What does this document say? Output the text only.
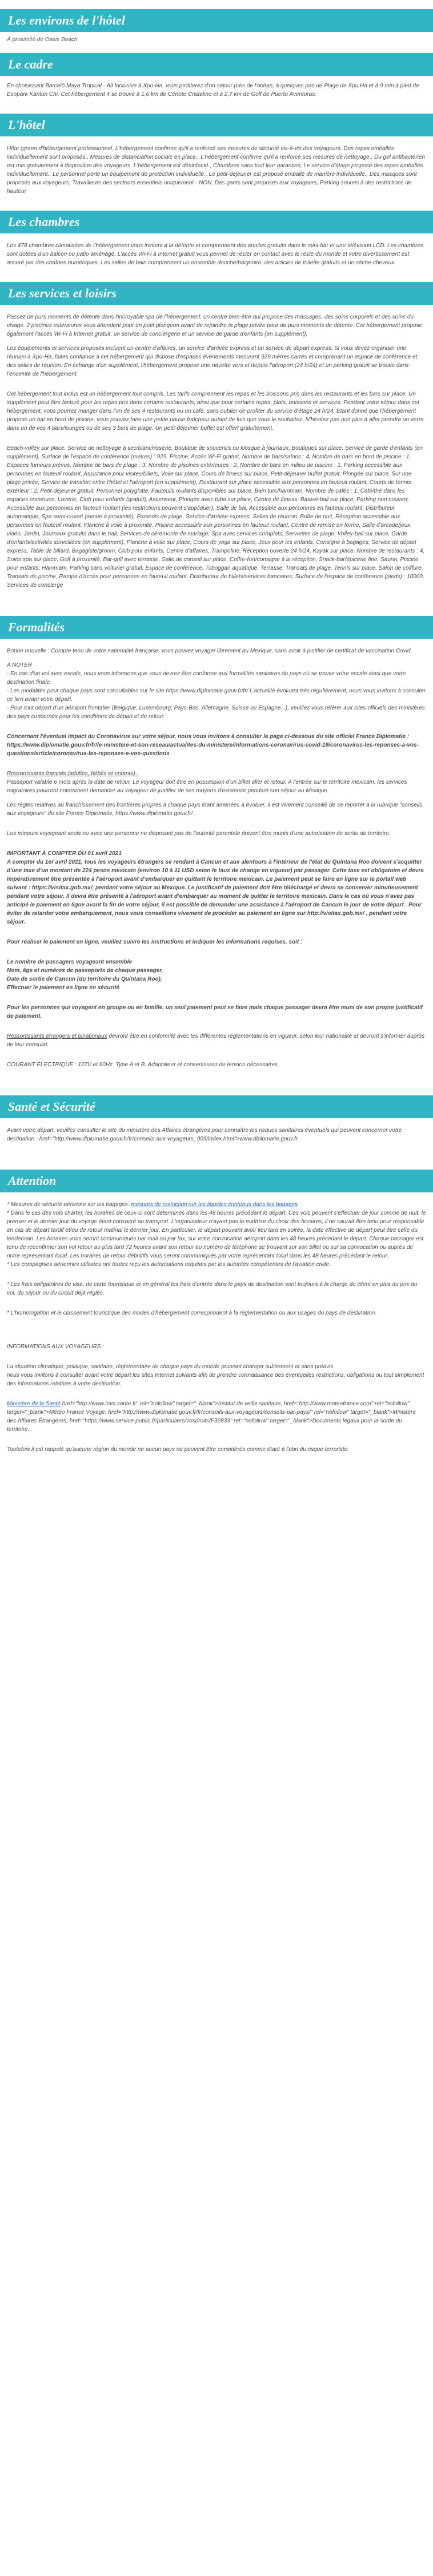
Les environs de l'hôtel
À proximité de Oasis Beach
Le cadre

En choisissant Barceló Maya Tropical - All Inclusive à Xpu-Ha, vous profiterez d'un séjour près de l'océan, à quelques pas de Plage de Xpu Ha et à 9 min à pied de Ecopark Kantun Chi. Cet hébergement 4 se trouve à 1,6 km de Cénote Cristalino et à 2,7 km de Golf de Puerto Aventuras.

L'hôtel

Hôte (green d'hébergement professionnel, L'hébergement confirme qu'il a renforcé ses mesures de sécurité vis-à-vis des voyageurs. Des repas emballés individuellement sont proposés., Mesures de distanciation sociale en place., L'hébergement confirme qu'il a renforcé ses mesures de nettoyage., Du gel antibactérien est mis gratuitement à disposition des voyageurs. L'hébergement est désinfecté., Chambres sans tout leur garanties, Le service d'étage propose des repas emballés individuellement., Le personnel porte un équipement de protection individuelle., Le petit-déjeuner est proposé emballé de manière individuelle., Des masques sont proposés aux voyageurs, Travailleurs des secteurs essentiels uniquement - NON, Des gants sont proposés aux voyageurs, Parking soumis à des restrictions de hauteur

Les chambres

Les 478 chambres climatisées de l'hébergement vous invitent à la détente et comprennent des articles gratuits dans le mini-bar et une télévision LCD. Les chambres sont dotées d'un balcon ou patio aménagé. L'accès Wi-Fi à Internet gratuit vous permet de rester en contact avec le reste du monde et votre divertissement est assuré par des chaînes numériques. Les salles de bain comprennent un ensemble douche/baignoire, des articles de toilette gratuits et un sèche-cheveux.

Les services et loisirs

Passez de purs moments de détente dans l'incroyable spa de l'hébergement, un centre bien-être qui propose des massages, des soins corporels et des soins du visage. 2 piscines extérieures vous attendent pour un petit plongeon avant de rejoindre la plage privée pour de purs moments de détente. Cet hébergement propose également l'accès Wi-Fi à Internet gratuit, un service de conciergerie et un service de garde d'enfants (en supplément).

Les équipements et services proposés incluent un centre d'affaires, un service d'arrivée express et un service de départ express. Si vous devez organiser une réunion à Xpu-Ha, faites confiance à cet hébergement qui dispose d'espaces événements mesurant 929 mètres carrés et comprenant un espace de conférence et des salles de réunion. En échange d'un supplément, l'hébergement propose une navette vers et depuis l'aéroport (24 h/24) et un parking gratuit se trouve dans l'enceinte de l'hébergement.

Cet hébergement tout inclus est un hébergement tout compris. Les tarifs comprennent les repas et les boissons pris dans les restaurants et les bars sur place. Un supplément peut être facturé pour les repas pris dans certains restaurants, ainsi que pour certains repas, plats, boissons et services. Pendant votre séjour dans cet hébergement, vous pourrez manger dans l'un de ses 4 restaurants ou un café, sans oublier de profiter du service d'étage 24 h/24. Étant donné que l'hébergement propose un bar en bord de piscine, vous pouvez faire une petite pause fraîcheur autant de fois que vous le souhaitez. N'hésitez pas non plus à aller prendre un verre dans un de vos 4 bars/lounges ou de ses 3 bars de plage. Un petit-déjeuner buffet est offert gratuitement.

Beach-volley sur place, Service de nettoyage à sec/blanchisserie, Boutique de souvenirs ou kiosque à journaux, Boutiques sur place, Service de garde d'enfants (en supplément), Surface de l'espace de conférence (mètres) : 929, Piscine, Accès Wi-Fi gratuit, Nombre de bars/salons : 4, Nombre de bars en bord de piscine : 1, Espaces fumeurs prévus, Nombre de bars de plage : 3, Nombre de piscines extérieures : 2, Nombre de bars en milieu de piscine : 1, Parking accessible aux personnes en fauteuil roulant, Assistance pour visites/billets, Voile sur place, Cours de fitness sur place, Petit-déjeuner buffet gratuit, Plongée sur place, Sur une plage privée, Service de transfert entre l'hôtel et l'aéroport (en supplément), Restaurant sur place accessible aux personnes en fauteuil roulant, Courts de tennis extérieur : 2, Petit-déjeuner gratuit, Personnel polyglotte, Fauteuils roulants disponibles sur place, Bain turc/hammam, Nombre de cafés : 1, Café/thé dans les espaces communs, Laverie, Club pour enfants (gratuit), Ascenseur, Plongée avec tuba sur place, Centre de fitness, Basket-ball sur place, Parking non couvert, Accessible aux personnes en fauteuil roulant (les restrictions peuvent s'appliquer), Salle de bal, Accessible aux personnes en fauteuil roulant, Distributeur automatique, Spa semi-ouvert (avoué à proximité), Parasols de plage, Service d'arrivée express, Salles de réunion, Boîte de nuit, Réception accessible aux personnes en fauteuil roulant, Planche à voile à proximité, Piscine accessible aux personnes en fauteuil roulant, Centre de remise en forme, Salle d'arcade/jeux vidéo, Jardin, Journaux gratuits dans le hall, Services de cérémonie de mariage, Spa avec services complets, Serviettes de plage, Volley-ball sur place, Garde d'enfants/activités surveillées (en supplément), Planche à voile sur place, Cours de yoga sur place, Jeux pour les enfants, Consigne à bagages, Service de départ express, Table de billard, Bagagiste/groom, Club pour enfants, Centre d'affaires, Trampoline, Réception ouverte 24 h/24, Kayak sur place, Nombre de restaurants : 4, Soins spa sur place, Golf à proximité, Bar-grill avec terrasse, Salle de conseil sur place, Coffre-fort/consigne à la réception, Snack-bar/épicerie fine, Sauna, Piscine pour enfants, Hammam, Parking sans voiturier gratuit, Espace de conférence, Toboggan aquatique, Terrasse, Transats de plage, Tennis sur place, Salon de coiffure, Transats de piscine, Rampe d'accès pour personnes en fauteuil roulant, Distributeur de billets/services bancaires, Surface de l'espace de conférence (pieds) : 10000, Services de concierge

Formalités

Bonne nouvelle : Compte tenu de votre nationalité française, vous pouvez voyager librement au Mexique, sans avoir à justifier de certificat de vaccination Covid.

A NOTER

- En cas d'un vol avec escale, nous vous informons que vous devrez être conforme aux formalités sanitaires du pays où se trouve votre escale ainsi que votre destination finale.
- Les modalités pour chaque pays sont consultables sur le site https://www.diplomatie.gouv.fr/fr/ L'actualité évoluant très régulièrement, nous vous invitons à consulter ce lien avant votre départ.
- Pour tout départ d'un aéroport frontalier (Belgique, Luxembourg, Pays-Bas, Allemagne, Suisse ou Espagne...), veuillez vous référer aux sites officiels des ministères des pays concernés pour les conditions de départ et de retour.

Concernant l'éventuel impact du Coronavirus sur votre séjour, nous vous invitons à consulter la page ci-dessous du site officiel France Diplomatie : https://www.diplomatie.gouv.fr/fr/le-ministere-et-son-reseau/actualites-du-ministere/informations-coronavirus-covid-19/coronavirus-les-reponses-a-vos-questions/article/coronavirus-les-reponses-a-vos-questions

Ressortissants français (adultes, bébés et enfants) :

Passeport valable 6 mois après la date de retour. Le voyageur doit être en possession d'un billet aller et retour. A l'entrée sur le territoire mexicain, les services migratoires pourront notamment demander au voyageur de justifier de ses moyens d'existence pendant son séjour au Mexique.

Les règles relatives au franchissement des frontières propres à chaque pays étant amenées à évoluer, il est vivement conseillé de se reporter à la rubrique "conseils aux voyageurs" du site France Diplomatie, https://www.diplomatie.gouv.fr/.

Les mineurs voyageant seuls ou avec une personne ne disposant pas de l'autorité parentale doivent être munis d'une autorisation de sortie de territoire.

IMPORTANT À COMPTER DU 01 avril 2021
A compter du 1er avril 2021, tous les voyageurs étrangers se rendant à Cancun et aux alentours à l'intérieur de l'état du Quintana Roo doivent s'acquitter d'une taxe d'un montant de 224 pesos mexicain (environ 10 à 11 USD selon le taux de change en vigueur) par passager. Cette taxe est obligatoire et devra impérativement être présentée à l'aéroport avant d'embarquer en quittant le territoire mexicain. Le paiement peut se faire en ligne sur le portail web suivant : https://visitax.gob.mx/, pendant votre séjour au Mexique. Le justificatif de paiement doit être téléchargé et devra se conserver minutieusement pendant votre séjour. Il devra être présenté à l'aéroport avant d'embarquer au moment de quitter le territoire mexicain. Dans le cas où vous n'avez pas anticipé le paiement en ligne avant la fin de votre séjour, il est possible de demander une assistance à l'aéroport de Cancun le jour de votre départ . Pour éviter de retarder votre embarquement, nous vous conseillons vivement de procéder au paiement en ligne sur http://visitax.gob.mx/ , pendant votre séjour.

Pour réaliser le paiement en ligne, veuillez suivre les instructions et indiquer les informations requises, soit :

Le nombre de passagers voyageant ensemble
Nom, âge et numéros de passeports de chaque passager,
Date de sortie de Cancun (du territoire du Quintana Roo),
Effectuer le paiement en ligne en sécurité

Pour les personnes qui voyagent en groupe ou en famille, un seul paiement peut se faire mais chaque passager devra être muni de son propre justificatif de paiement.

Ressortissants étrangers et binationaux devront être en conformité avec les différentes réglementations en vigueur, selon leur nationalité et devront s'informer auprès de leur consulat.

COURANT ÉLECTRIQUE : 127V et 60Hz. Type A et B. Adaptateur et convertisseur de tension nécessaires.

Santé et Sécurité

Avant votre départ, veuillez consulter le site du ministère des Affaires étrangères pour connaître les risques sanitaires éventuels qui peuvent concerner votre destination : href="http://www.diplomatie.gouv.fr/fr/conseils-aux-voyageurs_909/index.html">www.diplomatie.gouv.fr

Attention

* Mesures de sécurité aérienne sur les bagages: mesures de restriction sur les liquides contenus dans les bagages
* Dans le cas des vols charter, les horaires de ceux-ci sont déterminés dans les 48 heures précédant le départ. Ces vols peuvent s'effectuer de jour comme de nuit, le premier et le dernier jour du voyage étant consacré au transport. L'organisateur n'ayant pas la maîtrise du choix des horaires, il ne saurait être tenu pour responsable en cas de départ tardif et/ou de retour matinal le dernier jour. En particulier, le départ pouvant avoir lieu tard en soirée, la date effective de départ peut être celle du lendemain. Les horaires vous seront communiqués par mail ou par fax, sur votre convocation aéroport dans les 48 heures précédant le départ. Chaque passager est tenu de reconfirmer son vol retour au plus tard 72 heures avant son retour au numéro de téléphone se trouvant sur son billet ou sur sa convocation ou auprès de notre représentant local. Les horaires de retour définitifs vous seront communiqués par votre représentant local dans les 48 heures précédant le retour.
* Les compagnies aériennes utilisées ont toutes reçu les autorisations requises par les autorités compétentes de l'aviation civile.

* Les frais obligatoires de visa, de carte touristique et en général les frais d'entrée dans le pays de destination sont toujours à la charge du client en plus du prix du vol, du séjour ou du circuit déjà réglés.

* L'homologation et le classement touristique des modes d'hébergement correspondent à la réglementation ou aux usages du pays de destination.

INFORMATIONS AUX VOYAGEURS :

La situation climatique, politique, sanitaire, réglementaire de chaque pays du monde pouvant changer subitement et sans préavis
nous vous invitons à consulter avant votre départ les sites Internet suivants afin de prendre connaissance des éventuelles restrictions, obligations ou tout simplement des informations relatives à votre destination.

Ministère de la Santé href="http://www.invs.sante.fr" rel="nofollow" target="_blank">Institut de veille sanitaire, href="http://www.meteofrance.com" rel="nofollow" target="_blank">Météo France Voyage, href="http://www.diplomatie.gouv.fr/fr/conseils-aux-voyageurs/conseils-par-pays/" rel="nofollow" target="_blank">Ministère des Affaires Étrangères, href="https://www.service-public.fr/particuliers/vosdroits/F32833" rel="nofollow" target="_blank">Documents légaux pour la sortie du territoire.

Toutefois il est rappelé qu'aucune région du monde ne aucun pays ne peuvent être considérés comme étant à l'abri du risque terroriste.
